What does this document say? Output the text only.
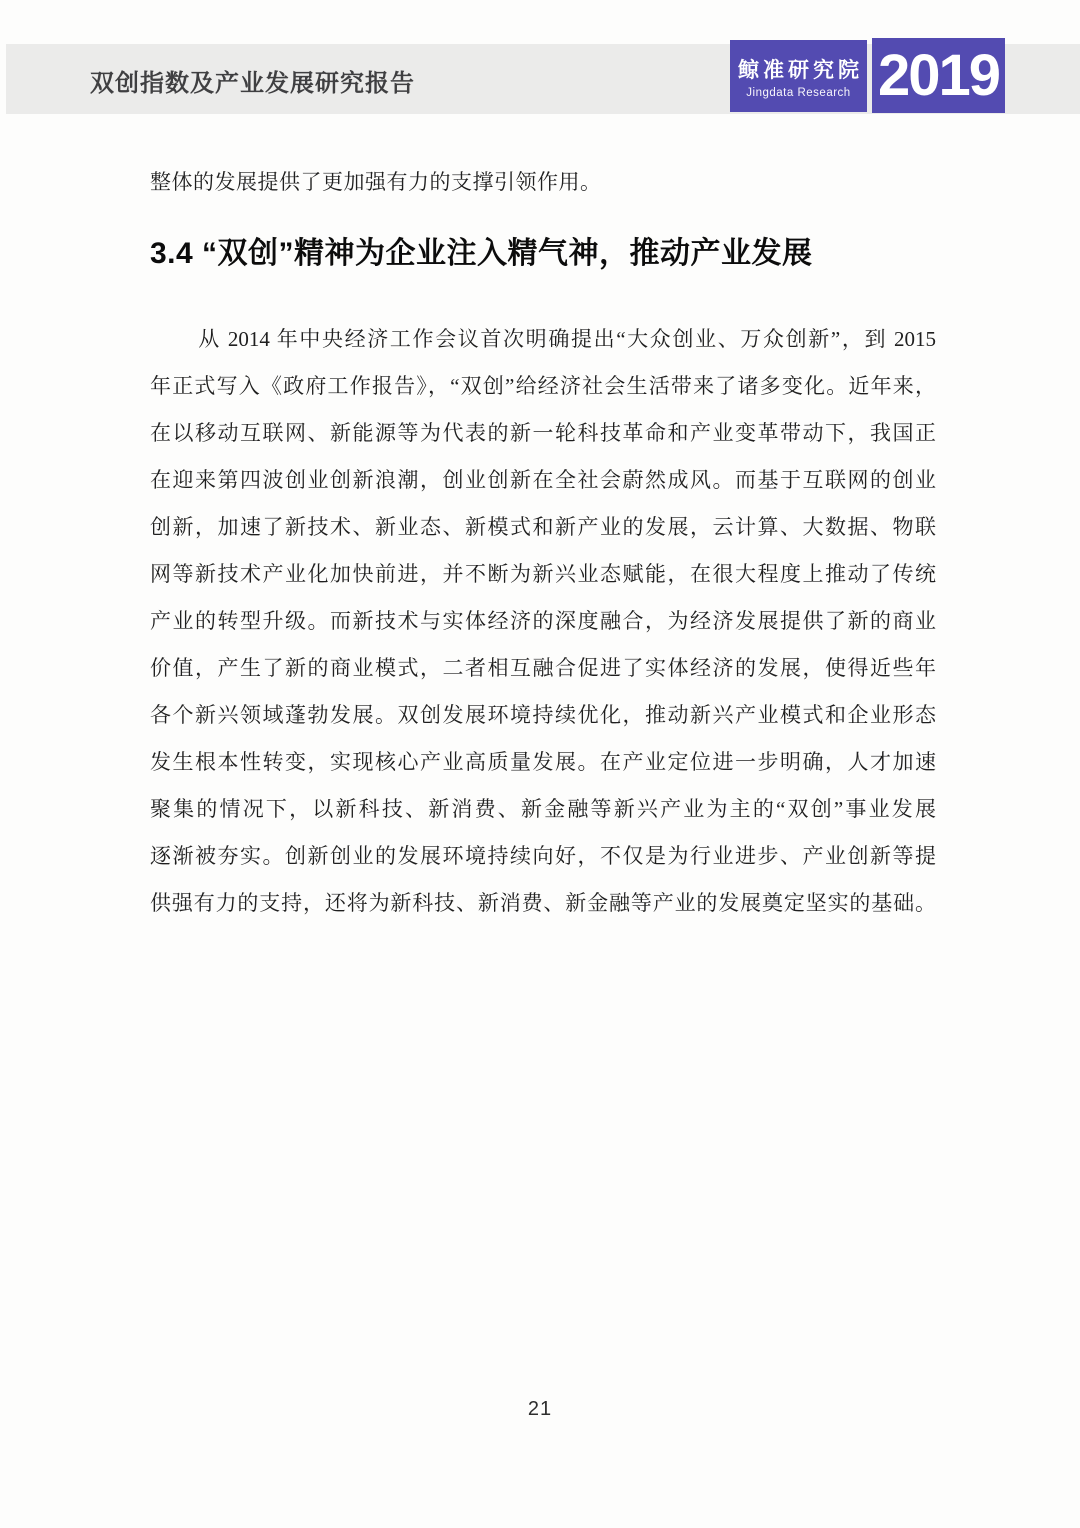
双创指数及产业发展研究报告	鲸准研究院
Jingdata Research 2019

整体的发展提供了更加强有力的支撑引领作用。

3.4 “双创”精神为企业注入精气神，推动产业发展
从 2014 年中央经济工作会议首次明确提出“大众创业、万众创新”，到 2015
年正式写入《政府工作报告》，“双创”给经济社会生活带来了诸多变化。近年来，
在以移动互联网、新能源等为代表的新一轮科技革命和产业变革带动下，我国正
在迎来第四波创业创新浪潮，创业创新在全社会蔚然成风。而基于互联网的创业
创新，加速了新技术、新业态、新模式和新产业的发展，云计算、大数据、物联
网等新技术产业化加快前进，并不断为新兴业态赋能，在很大程度上推动了传统
产业的转型升级。而新技术与实体经济的深度融合，为经济发展提供了新的商业
价值，产生了新的商业模式，二者相互融合促进了实体经济的发展，使得近些年
各个新兴领域蓬勃发展。双创发展环境持续优化，推动新兴产业模式和企业形态
发生根本性转变，实现核心产业高质量发展。在产业定位进一步明确，人才加速
聚集的情况下，以新科技、新消费、新金融等新兴产业为主的“双创”事业发展
逐渐被夯实。创新创业的发展环境持续向好，不仅是为行业进步、产业创新等提
供强有力的支持，还将为新科技、新消费、新金融等产业的发展奠定坚实的基础。
21
